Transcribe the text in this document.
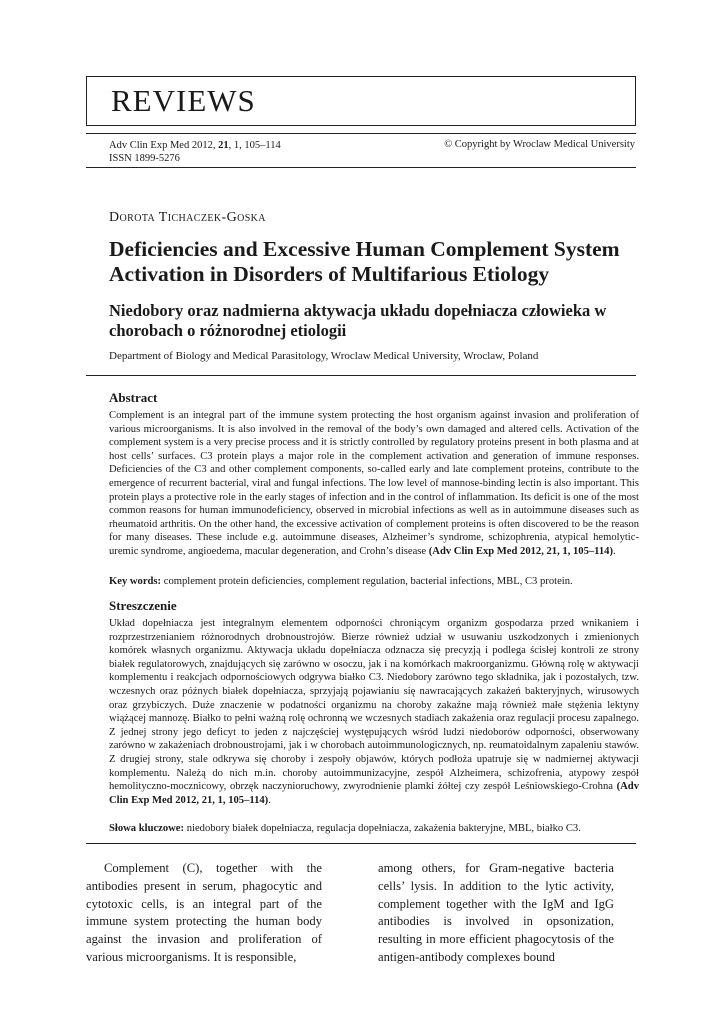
REVIEWS
Adv Clin Exp Med 2012, 21, 1, 105–114
ISSN 1899-5276
© Copyright by Wroclaw Medical University
Dorota Tichaczek-Goska
Deficiencies and Excessive Human Complement System Activation in Disorders of Multifarious Etiology
Niedobory oraz nadmierna aktywacja układu dopełniacza człowieka w chorobach o różnorodnej etiologii
Department of Biology and Medical Parasitology, Wroclaw Medical University, Wroclaw, Poland
Abstract

Complement is an integral part of the immune system protecting the host organism against invasion and proliferation of various microorganisms. It is also involved in the removal of the body’s own damaged and altered cells. Activation of the complement system is a very precise process and it is strictly controlled by regulatory proteins present in both plasma and at host cells’ surfaces. C3 protein plays a major role in the complement activation and generation of immune responses. Deficiencies of the C3 and other complement components, so-called early and late complement proteins, contribute to the emergence of recurrent bacterial, viral and fungal infections. The low level of mannose-binding lectin is also important. This protein plays a protective role in the early stages of infection and in the control of inflammation. Its deficit is one of the most common reasons for human immunodeficiency, observed in microbial infections as well as in autoimmune diseases such as rheumatoid arthritis. On the other hand, the excessive activation of complement proteins is often discovered to be the reason for many diseases. These include e.g. autoimmune diseases, Alzheimer’s syndrome, schizophrenia, atypical hemolytic-uremic syndrome, angioedema, macular degeneration, and Crohn’s disease (Adv Clin Exp Med 2012, 21, 1, 105–114).

Key words: complement protein deficiencies, complement regulation, bacterial infections, MBL, C3 protein.
Streszczenie

Układ dopełniacza jest integralnym elementem odporności chroniącym organizm gospodarza przed wnikaniem i rozprzestrzenianiem różnorodnych drobnoustrojów. Bierze również udział w usuwaniu uszkodzonych i zmienionych komórek własnych organizmu. Aktywacja układu dopełniacza odznacza się precyzją i podlega ścisłej kontroli ze strony białek regulatorowych, znajdujących się zarówno w osoczu, jak i na komórkach makroorganizmu. Główną rolę w aktywacji komplementu i reakcjach odpornościowych odgrywa białko C3. Niedobory zarówno tego składnika, jak i pozostałych, tzw. wczesnych oraz późnych białek dopełniacza, sprzyjają pojawianiu się nawracających zakażeń bakteryjnych, wirusowych oraz grzybiczych. Duże znaczenie w podatności organizmu na choroby zakaźne mają również małe stężenia lektyny wiążącej mannozę. Białko to pełni ważną rolę ochronną we wczesnych stadiach zakażenia oraz regulacji procesu zapalnego. Z jednej strony jego deficyt to jeden z najczęściej występujących wśród ludzi niedoborów odporności, obserwowany zarówno w zakażeniach drobnoustrojami, jak i w chorobach autoimmunologicznych, np. reumatoidalnym zapaleniu stawów. Z drugiej strony, stale odkrywa się choroby i zespoły objawów, których podłoża upatruje się w nadmiernej aktywacji komplementu. Należą do nich m.in. choroby autoimmunizacyjne, zespół Alzheimera, schizofrenia, atypowy zespół hemolityczno-mocznicowy, obrzęk naczynioruchowy, zwyrodnienie plamki żółtej czy zespół Leśniowskiego-Crohna (Adv Clin Exp Med 2012, 21, 1, 105–114).

Słowa kluczowe: niedobory białek dopełniacza, regulacja dopełniacza, zakażenia bakteryjne, MBL, białko C3.

Complement (C), together with the antibodies present in serum, phagocytic and cytotoxic cells, is an integral part of the immune system protecting the human body against the invasion and proliferation of various microorganisms. It is responsible,

among others, for Gram-negative bacteria cells’ lysis. In addition to the lytic activity, complement together with the IgM and IgG antibodies is involved in opsonization, resulting in more efficient phagocytosis of the antigen-antibody complexes bound
